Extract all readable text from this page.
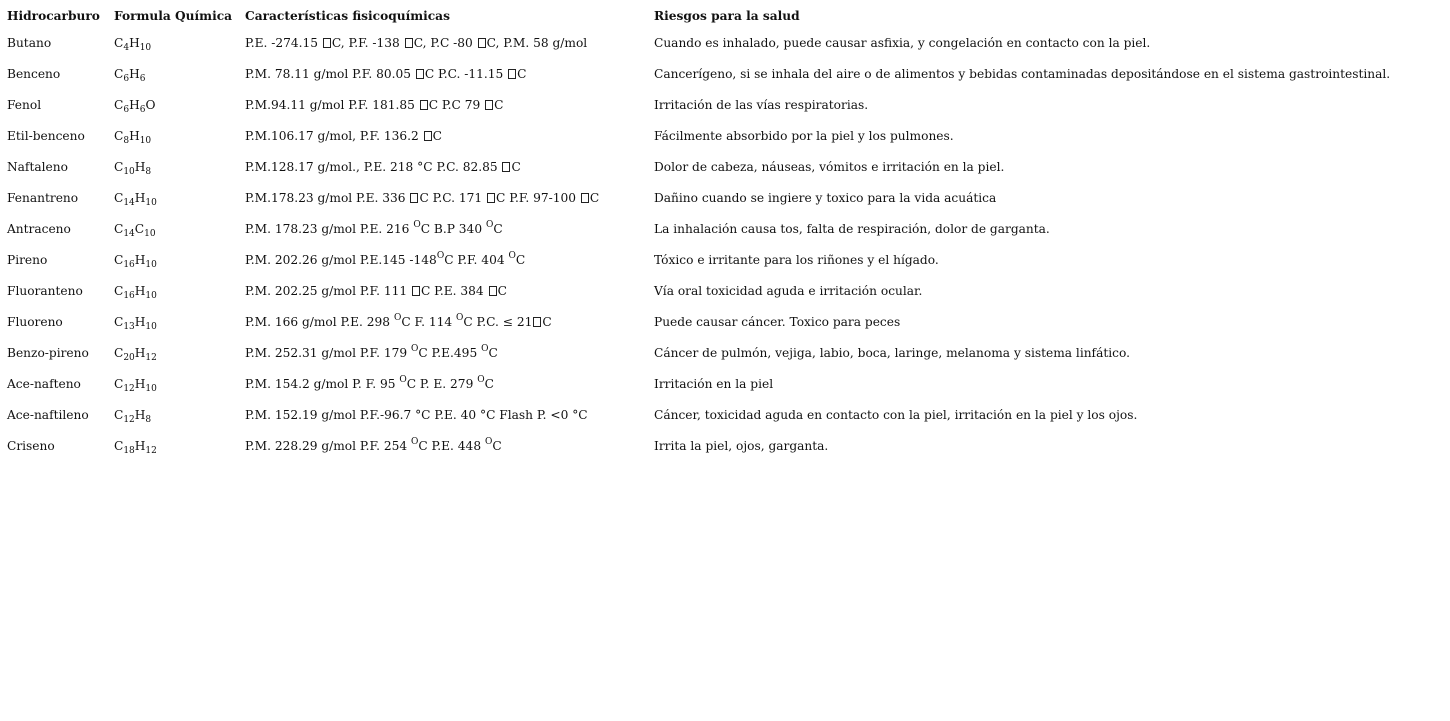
Hidrocarburo	Formula Química	Características fisicoquímicas	Riesgos para la salud
Butano	$C_4H_{10}$	P.E. -274.15 C, P.F. -138 C, P.C -80 C, P.M. 58 g/mol	Cuando es inhalado, puede causar asfixia, y congelación en contacto con la piel.
Benceno	$C_6H_6$	P.M. 78.11 g/mol P.F. 80.05 C P.C. -11.15 C	Cancerígeno, si se inhala del aire o de alimentos y bebidas contaminadas depositándose en el sistema gastrointestinal.
Fenol	$C_6H_6O$	P.M.94.11 g/mol P.F. 181.85 C P.C 79 C	Irritación de las vías respiratorias.
Etil-benceno	$C_8H_{10}$	P.M.106.17 g/mol, P.F. 136.2 C	Fácilmente absorbido por la piel y los pulmones.
Naftaleno	$C_{10}H_8$	P.M.128.17 g/mol., P.E. 218 °C P.C. 82.85 C	Dolor de cabeza, náuseas, vómitos e irritación en la piel.
Fenantreno	$C_{14}H_{10}$	P.M.178.23 g/mol P.E. 336 C P.C. 171 C P.F. 97-100 C	Dañino cuando se ingiere y toxico para la vida acuática
Antraceno	$C_{14}C_{10}$	P.M. 178.23 g/mol P.E. 216 $^O$C B.P 340 $^O$C	La inhalación causa tos, falta de respiración, dolor de garganta.
Pireno	$C_{16}H_{10}$	P.M. 202.26 g/mol P.E.145 $-148^OC$ P.F. 404 $^O$C	Tóxico e irritante para los riñones y el hígado.
Fluoranteno	$C_{16}H_{10}$	P.M. 202.25 g/mol P.F. 111 C P.E. 384 C	Vía oral toxicidad aguda e irritación ocular.
Fluoreno	$C_{13}H_{10}$	P.M. 166 g/mol P.E. 298 $^O$C F. 114 $^O$C P.C. ≤ 21 C	Puede causar cáncer. Toxico para peces
Benzo-pireno	$C_{20}H_{12}$	P.M. 252.31 g/mol P.F. 179 $^O$C P.E.495 $^O$C	Cáncer de pulmón, vejiga, labio, boca, laringe, melanoma y sistema linfático.
Ace-nafteno	$C_{12}H_{10}$	P.M. 154.2 g/mol P. F. 95 $^O$C P. E. 279 $^O$C	Irritación en la piel
Ace-naftileno	$C_{12}H_8$	P.M. 152.19 g/mol P.F.-96.7 °C P.E. 40 °C Flash P. <0 °C	Cáncer, toxicidad aguda en contacto con la piel, irritación en la piel y los ojos.
Criseno	$C_{18}H_{12}$	P.M. 228.29 g/mol P.F. 254 $^O$C P.E. 448 $^O$C	Irrita la piel, ojos, garganta.
